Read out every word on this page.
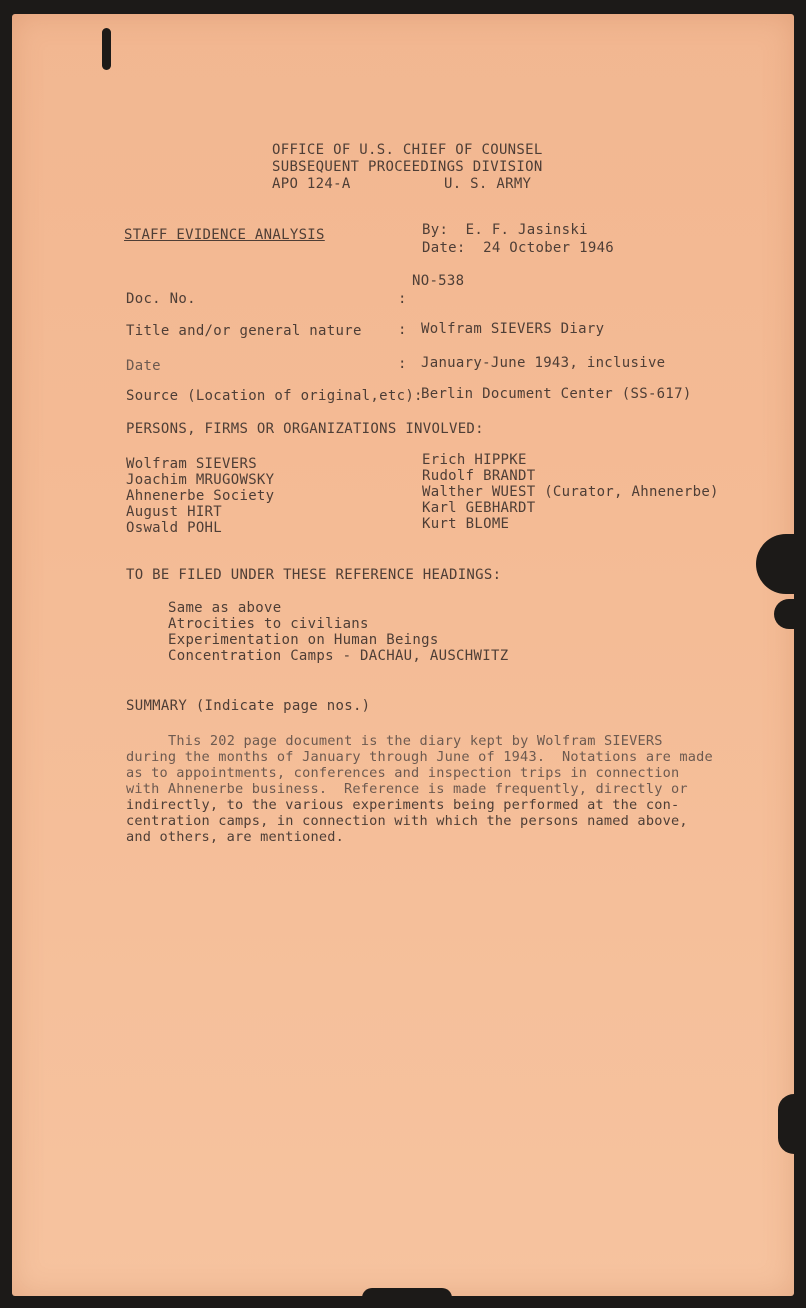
OFFICE OF U.S. CHIEF OF COUNSEL
SUBSEQUENT PROCEEDINGS DIVISION
APO 124-A	U. S. ARMY
STAFF EVIDENCE ANALYSIS	By:  E. F. Jasinski
Date:  24 October 1946
NO-538
Doc. No.	:
Title and/or general nature	: Wolfram SIEVERS Diary
Date	: January-June 1943, inclusive
Source (Location of original,etc):
Berlin Document Center (SS-617)
PERSONS, FIRMS OR ORGANIZATIONS INVOLVED:
Wolfram SIEVERS
Joachim MRUGOWSKY
Ahnenerbe Society
August HIRT
Oswald POHL
Erich HIPPKE
Rudolf BRANDT
Walther WUEST (Curator, Ahnenerbe)
Karl GEBHARDT
Kurt BLOME
TO BE FILED UNDER THESE REFERENCE HEADINGS:
Same as above
Atrocities to civilians
Experimentation on Human Beings
Concentration Camps - DACHAU, AUSCHWITZ
SUMMARY (Indicate page nos.)
This 202 page document is the diary kept by Wolfram SIEVERS
during the months of January through June of 1943.  Notations are made
as to appointments, conferences and inspection trips in connection
with Ahnenerbe business.  Reference is made frequently, directly or
indirectly, to the various experiments being performed at the con-
centration camps, in connection with which the persons named above,
and others, are mentioned.
